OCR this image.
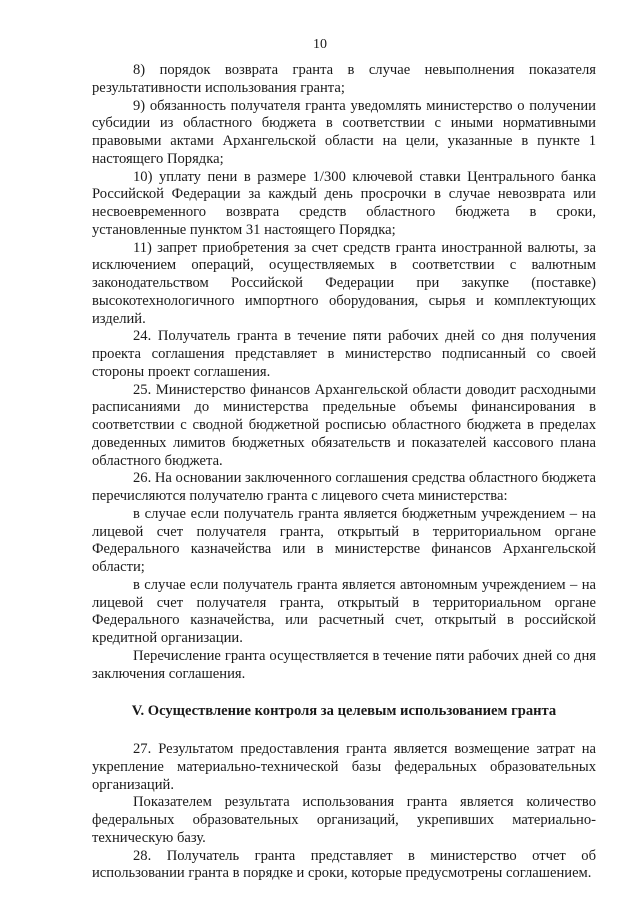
10

8) порядок возврата гранта в случае невыполнения показателя результативности использования гранта;

9) обязанность получателя гранта уведомлять министерство о получении субсидии из областного бюджета в соответствии с иными нормативными правовыми актами Архангельской области на цели, указанные в пункте 1 настоящего Порядка;

10) уплату пени в размере 1/300 ключевой ставки Центрального банка Российской Федерации за каждый день просрочки в случае невозврата или несвоевременного возврата средств областного бюджета в сроки, установленные пунктом 31 настоящего Порядка;

11) запрет приобретения за счет средств гранта иностранной валюты, за исключением операций, осуществляемых в соответствии с валютным законодательством Российской Федерации при закупке (поставке) высокотехнологичного импортного оборудования, сырья и комплектующих изделий.

24. Получатель гранта в течение пяти рабочих дней со дня получения проекта соглашения представляет в министерство подписанный со своей стороны проект соглашения.

25. Министерство финансов Архангельской области доводит расходными расписаниями до министерства предельные объемы финансирования в соответствии с сводной бюджетной росписью областного бюджета в пределах доведенных лимитов бюджетных обязательств и показателей кассового плана областного бюджета.

26. На основании заключенного соглашения средства областного бюджета перечисляются получателю гранта с лицевого счета министерства:

в случае если получатель гранта является бюджетным учреждением – на лицевой счет получателя гранта, открытый в территориальном органе Федерального казначейства или в министерстве финансов Архангельской области;

в случае если получатель гранта является автономным учреждением – на лицевой счет получателя гранта, открытый в территориальном органе Федерального казначейства, или расчетный счет, открытый в российской кредитной организации.

Перечисление гранта осуществляется в течение пяти рабочих дней со дня заключения соглашения.

V. Осуществление контроля за целевым использованием гранта

27. Результатом предоставления гранта является возмещение затрат на укрепление материально-технической базы федеральных образовательных организаций.

Показателем результата использования гранта является количество федеральных образовательных организаций, укрепивших материально-техническую базу.

28. Получатель гранта представляет в министерство отчет об использовании гранта в порядке и сроки, которые предусмотрены соглашением.
